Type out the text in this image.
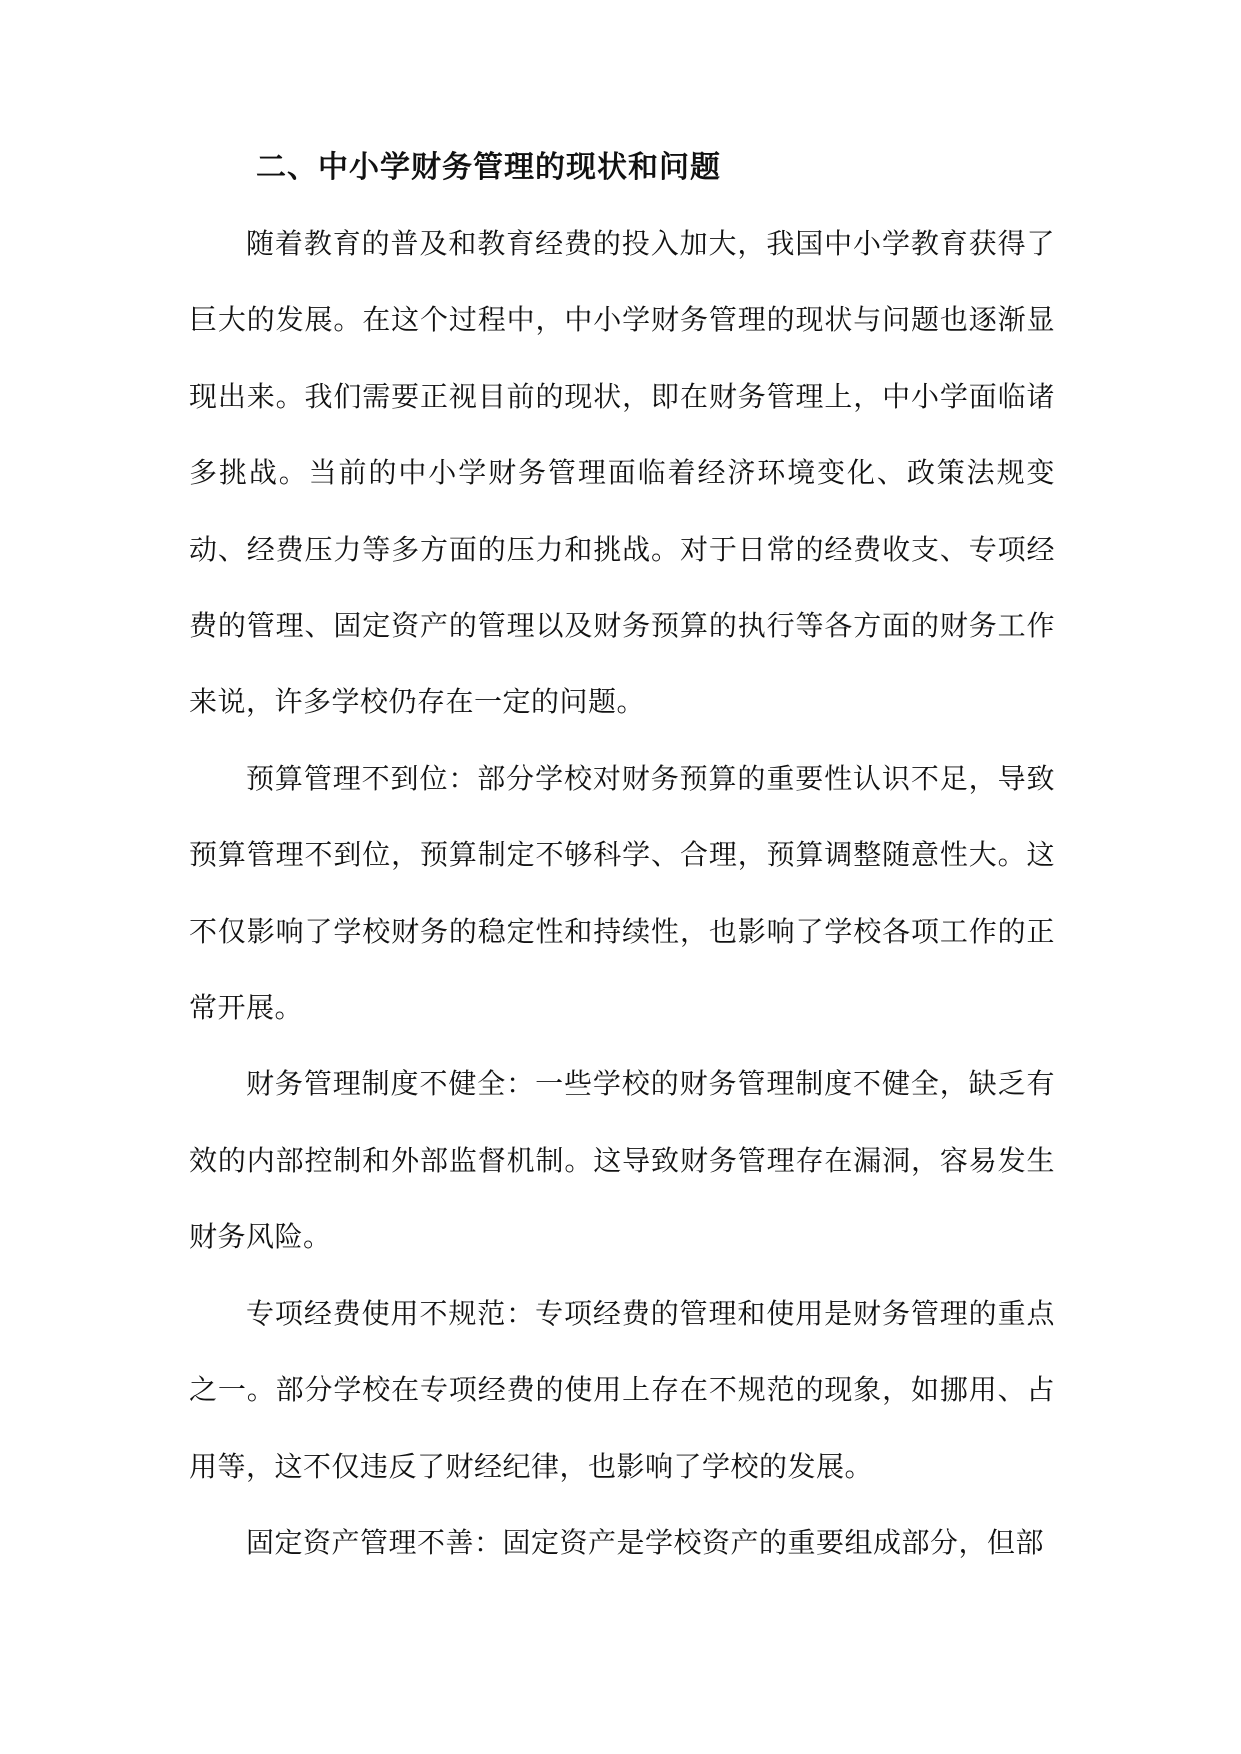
二、中小学财务管理的现状和问题

随着教育的普及和教育经费的投入加大，我国中小学教育获得了巨大的发展。在这个过程中，中小学财务管理的现状与问题也逐渐显现出来。我们需要正视目前的现状，即在财务管理上，中小学面临诸多挑战。当前的中小学财务管理面临着经济环境变化、政策法规变动、经费压力等多方面的压力和挑战。对于日常的经费收支、专项经费的管理、固定资产的管理以及财务预算的执行等各方面的财务工作来说，许多学校仍存在一定的问题。

预算管理不到位：部分学校对财务预算的重要性认识不足，导致预算管理不到位，预算制定不够科学、合理，预算调整随意性大。这不仅影响了学校财务的稳定性和持续性，也影响了学校各项工作的正常开展。

财务管理制度不健全：一些学校的财务管理制度不健全，缺乏有效的内部控制和外部监督机制。这导致财务管理存在漏洞，容易发生财务风险。

专项经费使用不规范：专项经费的管理和使用是财务管理的重点之一。部分学校在专项经费的使用上存在不规范的现象，如挪用、占用等，这不仅违反了财经纪律，也影响了学校的发展。

固定资产管理不善：固定资产是学校资产的重要组成部分，但部
